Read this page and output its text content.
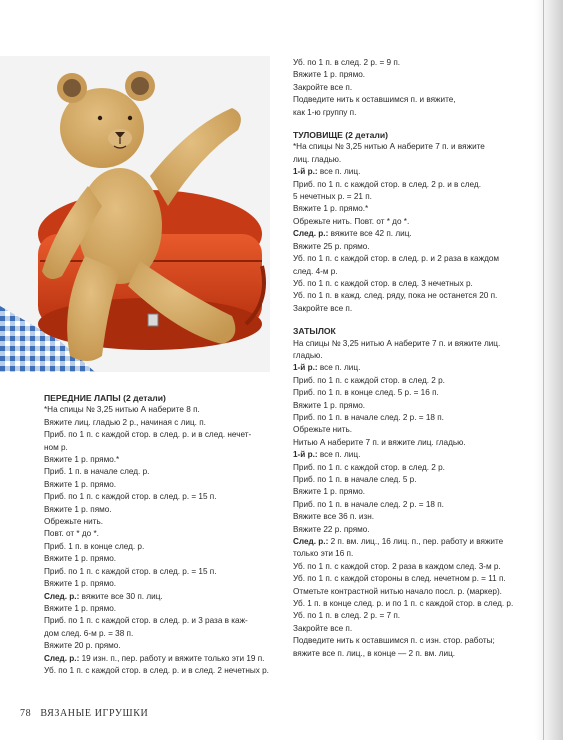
ПЕРЕДНИЕ ЛАПЫ (2 детали)
*На спицы № 3,25 нитью А наберите 8 п.
Вяжите лиц. гладью 2 р., начиная с лиц. п.
Приб. по 1 п. с каждой стор. в след. р. и в след. нечет-
ном р.
Вяжите 1 р. прямо.*
Приб. 1 п. в начале след. р.
Вяжите 1 р. прямо.
Приб. по 1 п. с каждой стор. в след. р. = 15 п.
Вяжите 1 р. пямо.
Обрежьте нить.
Повт. от * до *.
Приб. 1 п. в конце след. р.
Вяжите 1 р. прямо.
Приб. по 1 п. с каждой стор. в след. р. = 15 п.
Вяжите 1 р. прямо.
След. р.: вяжите все 30 п. лиц.
Вяжите 1 р. прямо.
Приб. по 1 п. с каждой стор. в след. р. и 3 раза в каж-
дом след. 6-м р. = 38 п.
Вяжите 20 р. прямо.
След. р.: 19 изн. п., пер. работу и вяжите только эти 19 п.
Уб. по 1 п. с каждой стор. в след. р. и в след. 2 нечетных р.
Уб. по 1 п. в след. 2 р. = 9 п.
Вяжите 1 р. прямо.
Закройте все п.
Подведите нить к оставшимся п. и вяжите,
как 1-ю группу п.
ТУЛОВИЩЕ (2 детали)
*На спицы № 3,25 нитью А наберите 7 п. и вяжите
лиц. гладью.
1-й р.: все п. лиц.
Приб. по 1 п. с каждой стор. в след. 2 р. и в след.
5 нечетных р. = 21 п.
Вяжите 1 р. прямо.*
Обрежьте нить. Повт. от * до *.
След. р.: вяжите все 42 п. лиц.
Вяжите 25 р. прямо.
Уб. по 1 п. с каждой стор. в след. р. и 2 раза в каждом
след. 4-м р.
Уб. по 1 п. с каждой стор. в след. 3 нечетных р.
Уб. по 1 п. в кажд. след. ряду, пока не останется 20 п.
Закройте все п.
ЗАТЫЛОК
На спицы № 3,25 нитью А наберите 7 п. и вяжите лиц.
гладью.
1-й р.: все п. лиц.
Приб. по 1 п. с каждой стор. в след. 2 р.
Приб. по 1 п. в конце след. 5 р. = 16 п.
Вяжите 1 р. прямо.
Приб. по 1 п. в начале след. 2 р. = 18 п.
Обрежьте нить.
Нитью А наберите 7 п. и вяжите лиц. гладью.
1-й р.: все п. лиц.
Приб. по 1 п. с каждой стор. в след. 2 р.
Приб. по 1 п. в начале след. 5 р.
Вяжите 1 р. прямо.
Приб. по 1 п. в начале след. 2 р. = 18 п.
Вяжите все 36 п. изн.
Вяжите 22 р. прямо.
След. р.: 2 п. вм. лиц., 16 лиц. п., пер. работу и вяжите
только эти 16 п.
Уб. по 1 п. с каждой стор. 2 раза в каждом след. 3-м р.
Уб. по 1 п. с каждой стороны в след. нечетном р. = 11 п.
Отметьте контрастной нитью начало посл. р. (маркер).
Уб. 1 п. в конце след. р. и по 1 п. с каждой стор. в след. р.
Уб. по 1 п. в след. 2 р. = 7 п.
Закройте все п.
Подведите нить к оставшимся п. с изн. стор. работы;
вяжите все п. лиц., в конце — 2 п. вм. лиц.
78 ВЯЗАНЫЕ ИГРУШКИ
